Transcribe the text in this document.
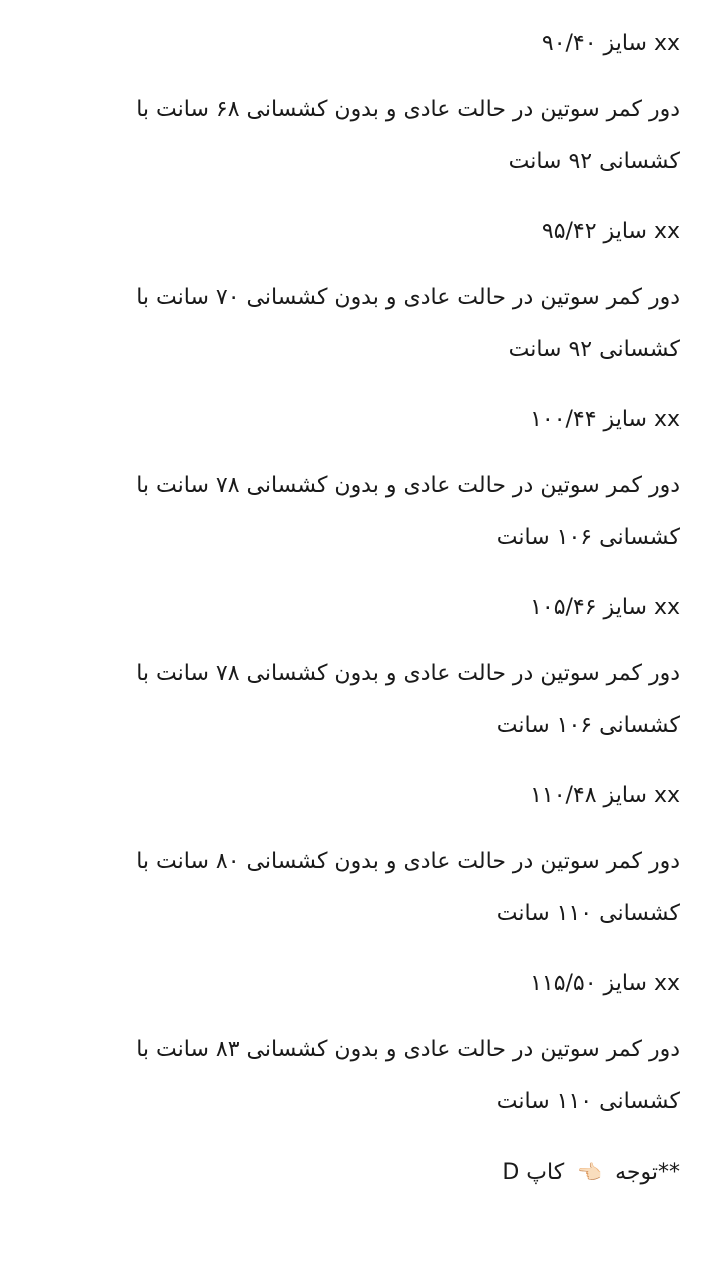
xx سایز ۹۰/۴۰
دور کمر سوتین در حالت عادی و بدون کشسانی ۶۸ سانت با کشسانی ۹۲ سانت
xx سایز ۹۵/۴۲
دور کمر سوتین در حالت عادی و بدون کشسانی ۷۰ سانت با کشسانی ۹۲ سانت
xx سایز ۱۰۰/۴۴
دور کمر سوتین در حالت عادی و بدون کشسانی ۷۸ سانت با کشسانی ۱۰۶ سانت
xx سایز ۱۰۵/۴۶
دور کمر سوتین در حالت عادی و بدون کشسانی ۷۸ سانت با کشسانی ۱۰۶ سانت
xx سایز ۱۱۰/۴۸
دور کمر سوتین در حالت عادی و بدون کشسانی ۸۰ سانت با کشسانی ۱۱۰ سانت
xx سایز ۱۱۵/۵۰
دور کمر سوتین در حالت عادی و بدون کشسانی ۸۳ سانت با کشسانی ۱۱۰ سانت
**توجه 👈🏻 کاپ D
